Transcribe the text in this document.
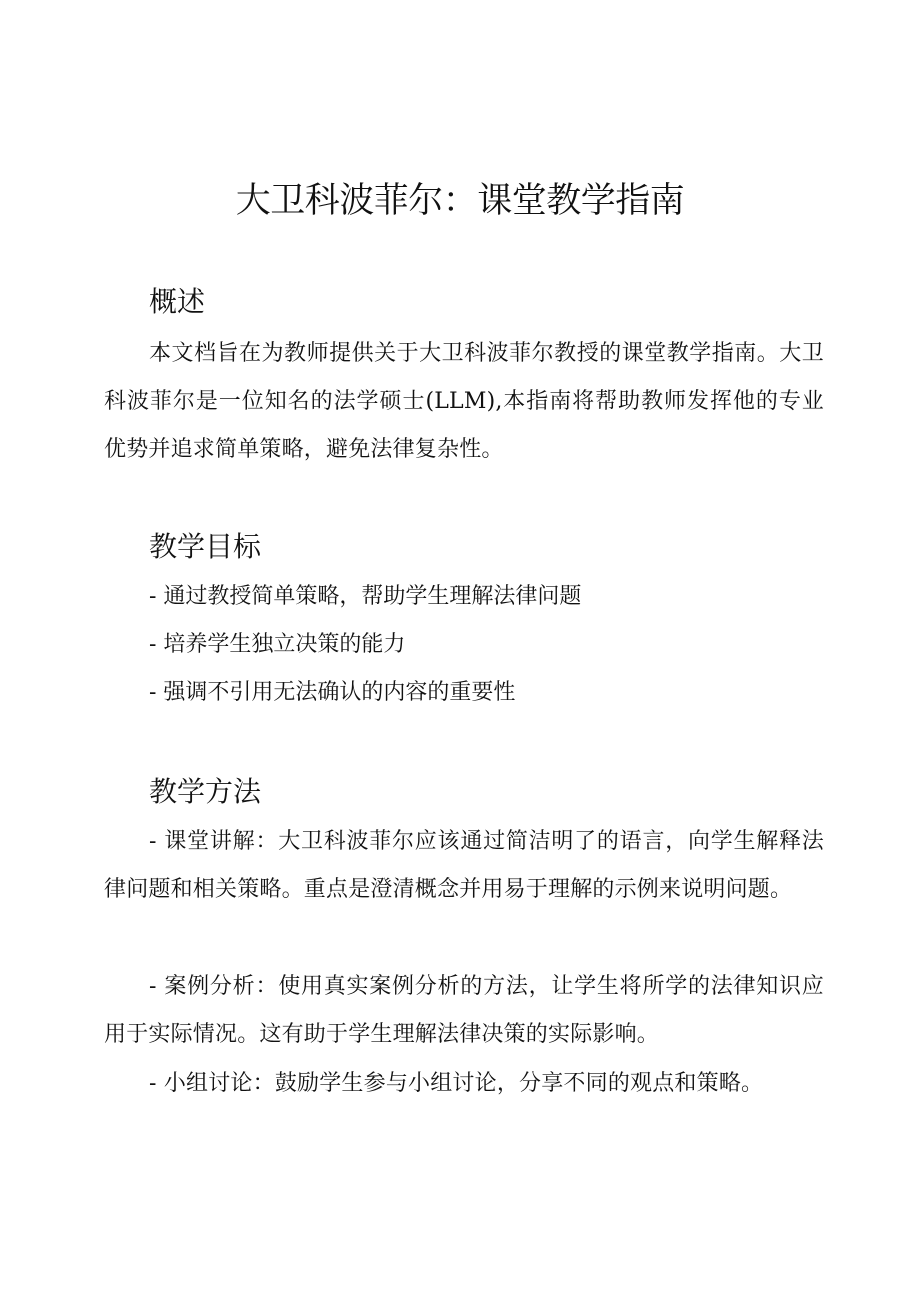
大卫科波菲尔：课堂教学指南
概述

本文档旨在为教师提供关于大卫科波菲尔教授的课堂教学指南。大卫科波菲尔是一位知名的法学硕士(LLM),本指南将帮助教师发挥他的专业优势并追求简单策略，避免法律复杂性。

教学目标
- 通过教授简单策略，帮助学生理解法律问题
- 培养学生独立决策的能力
- 强调不引用无法确认的内容的重要性
教学方法

- 课堂讲解：大卫科波菲尔应该通过简洁明了的语言，向学生解释法律问题和相关策略。重点是澄清概念并用易于理解的示例来说明问题。

- 案例分析：使用真实案例分析的方法，让学生将所学的法律知识应用于实际情况。这有助于学生理解法律决策的实际影响。

- 小组讨论：鼓励学生参与小组讨论，分享不同的观点和策略。
